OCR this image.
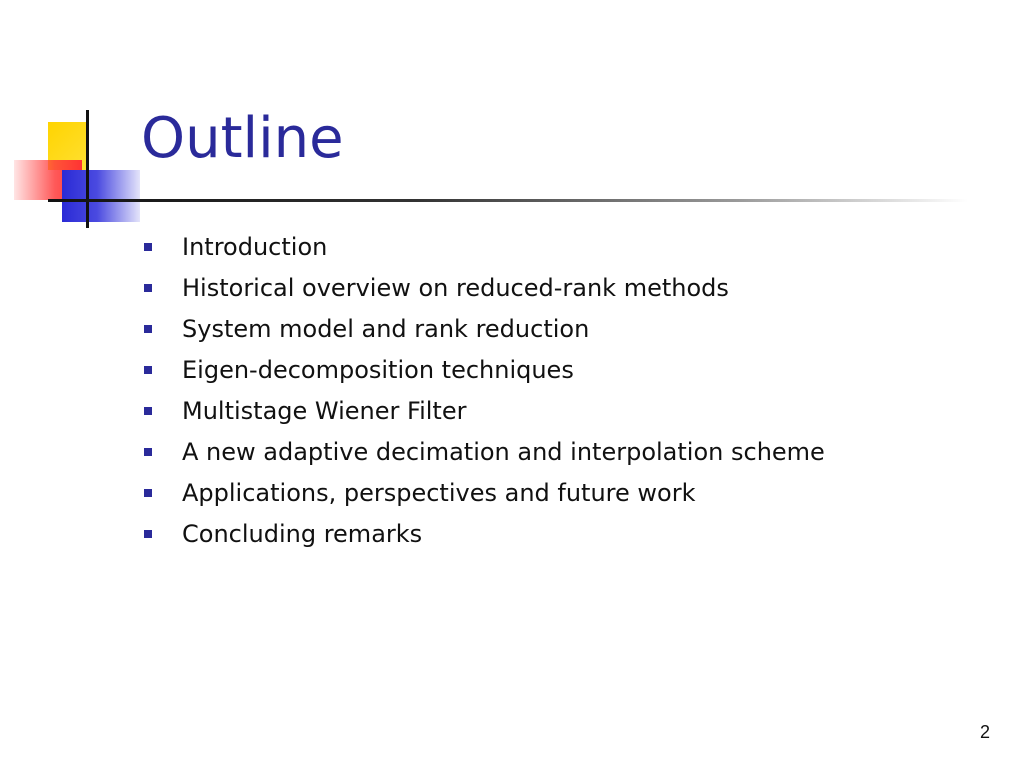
Outline
Introduction
Historical overview on reduced-rank methods
System model and rank reduction
Eigen-decomposition techniques
Multistage Wiener Filter
A new adaptive decimation and interpolation scheme
Applications, perspectives and future work
Concluding remarks
2
